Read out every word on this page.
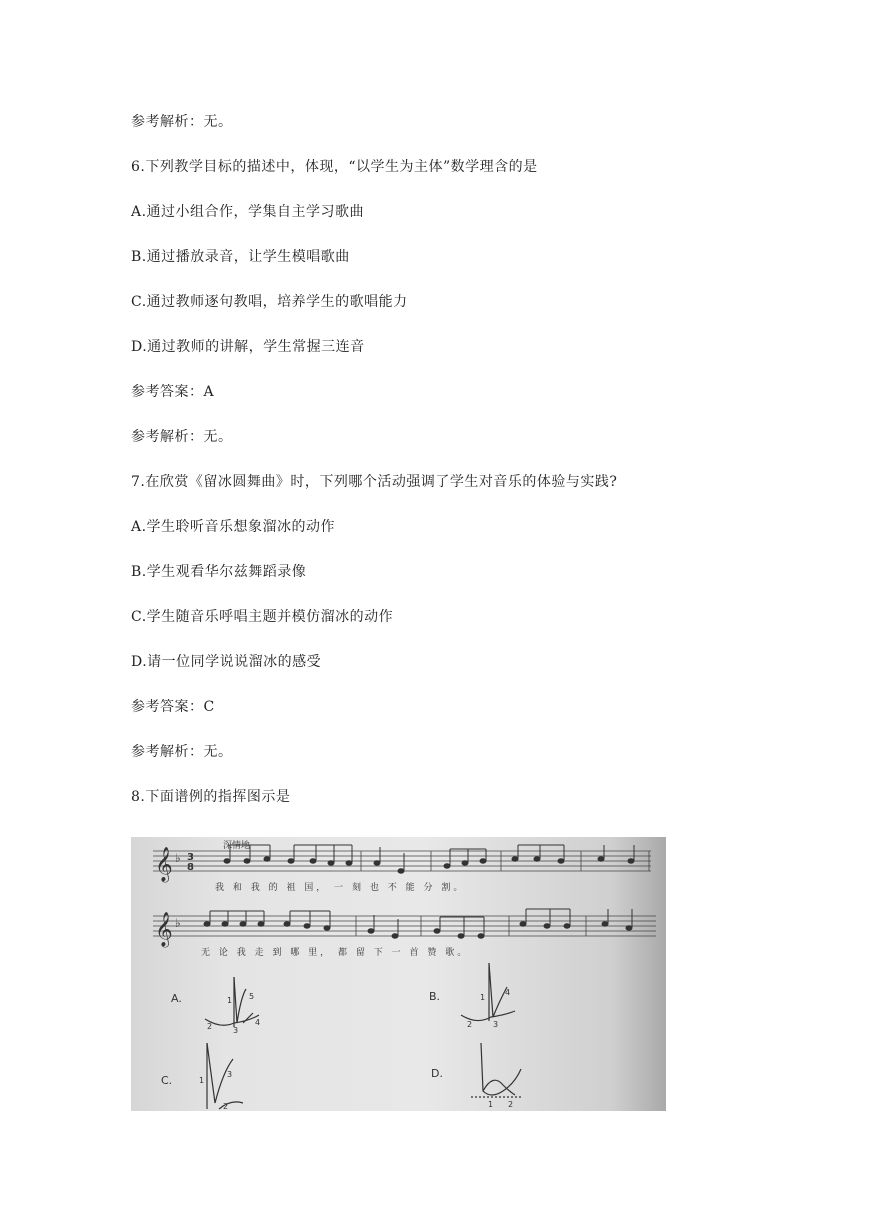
参考解析：无。
6.下列教学目标的描述中，体现，“以学生为主体”数学理含的是
A.通过小组合作，学集自主学习歌曲
B.通过播放录音，让学生模唱歌曲
C.通过教师逐句教唱，培养学生的歌唱能力
D.通过教师的讲解，学生常握三连音
参考答案：A
参考解析：无。
7.在欣赏《留冰圆舞曲》时，下列哪个活动强调了学生对音乐的体验与实践?
A.学生聆听音乐想象溜冰的动作
B.学生观看华尔兹舞蹈录像
C.学生随音乐呼唱主题并模仿溜冰的动作
D.请一位同学说说溜冰的感受
参考答案：C
参考解析：无。
8.下面谱例的指挥图示是
深情地
𝄞 ♭ 3
8
我 和 我 的 祖 国， 一 刻 也 不 能 分 割。
𝄞 ♭
无 论 我 走 到 哪 里， 都 留 下 一 首 赞 歌。
A.	1
2	3
4
5	B.	1
2	3
4
C.	1
2
3	D.
1 2
